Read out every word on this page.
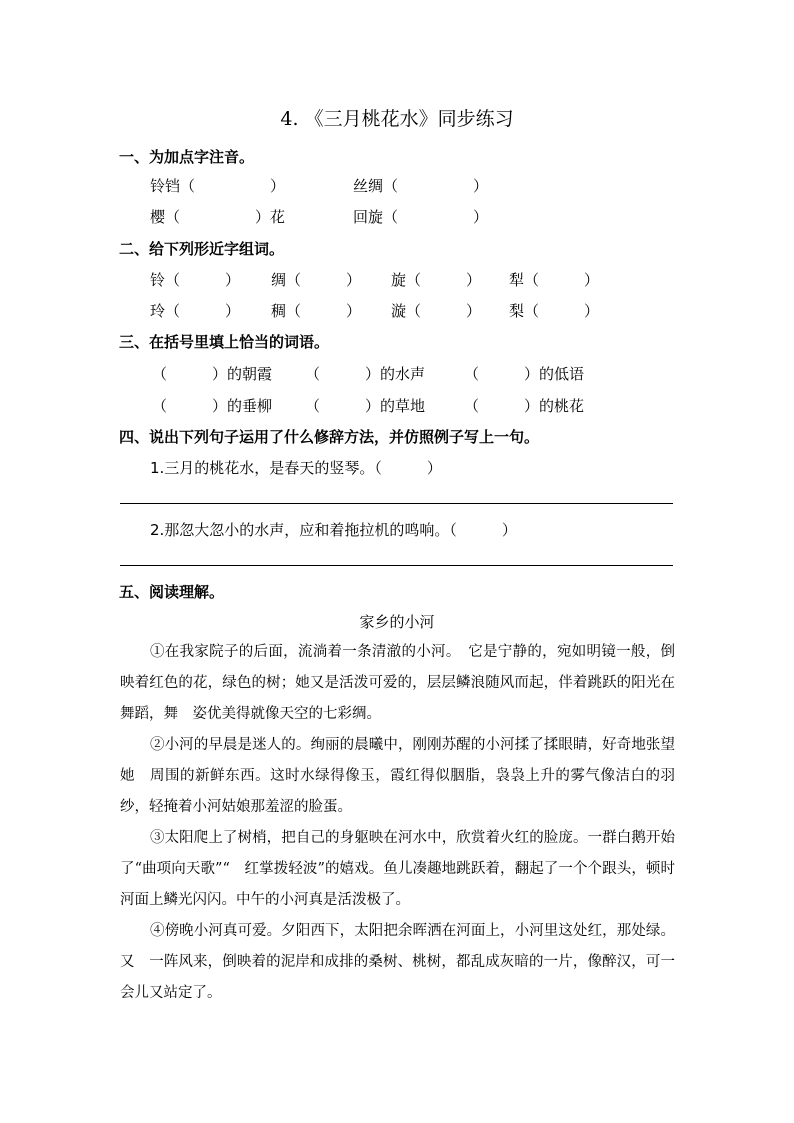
4. 《三月桃花水》同步练习
一、为加点字注音。
铃铛（　　　　　）	丝绸（　　　　　）
樱（　　　　　）花	回旋（　　　　　）
二、给下列形近字组词。
铃（　　　） 绸（　　　） 旋（　　　） 犁（　　　）
玲（　　　） 稠（　　　） 漩（　　　） 梨（　　　）
三、在括号里填上恰当的词语。
（　　　）的朝霞 （　　　）的水声	（　　　）的低语
（　　　）的垂柳 （　　　）的草地	（　　　）的桃花
四、说出下列句子运用了什么修辞方法，并仿照例子写上一句。
1.三月的桃花水，是春天的竖琴。（　　　）
2.那忽大忽小的水声，应和着拖拉机的鸣响。（　　　）
五、阅读理解。
家乡的小河

①在我家院子的后面，流淌着一条清澈的小河。　它是宁静的，宛如明镜一般，倒映着红色的花，绿色的树；她又是活泼可爱的，层层鳞浪随风而起，伴着跳跃的阳光在舞蹈，舞　姿优美得就像天空的七彩绸。

②小河的早晨是迷人的。绚丽的晨曦中，刚刚苏醒的小河揉了揉眼睛，好奇地张望她　周围的新鲜东西。这时水绿得像玉，霞红得似胭脂，袅袅上升的雾气像洁白的羽纱，轻掩着小河姑娘那羞涩的脸蛋。

③太阳爬上了树梢，把自己的身躯映在河水中，欣赏着火红的脸庞。一群白鹅开始了“曲项向天歌”“　红掌拨轻波”的嬉戏。鱼儿凑趣地跳跃着，翻起了一个个跟头，顿时河面上鳞光闪闪。中午的小河真是活泼极了。

④傍晚小河真可爱。夕阳西下，太阳把余晖洒在河面上，小河里这处红，那处绿。又　一阵风来，倒映着的泥岸和成排的桑树、桃树，都乱成灰暗的一片，像醉汉，可一会儿又站定了。
